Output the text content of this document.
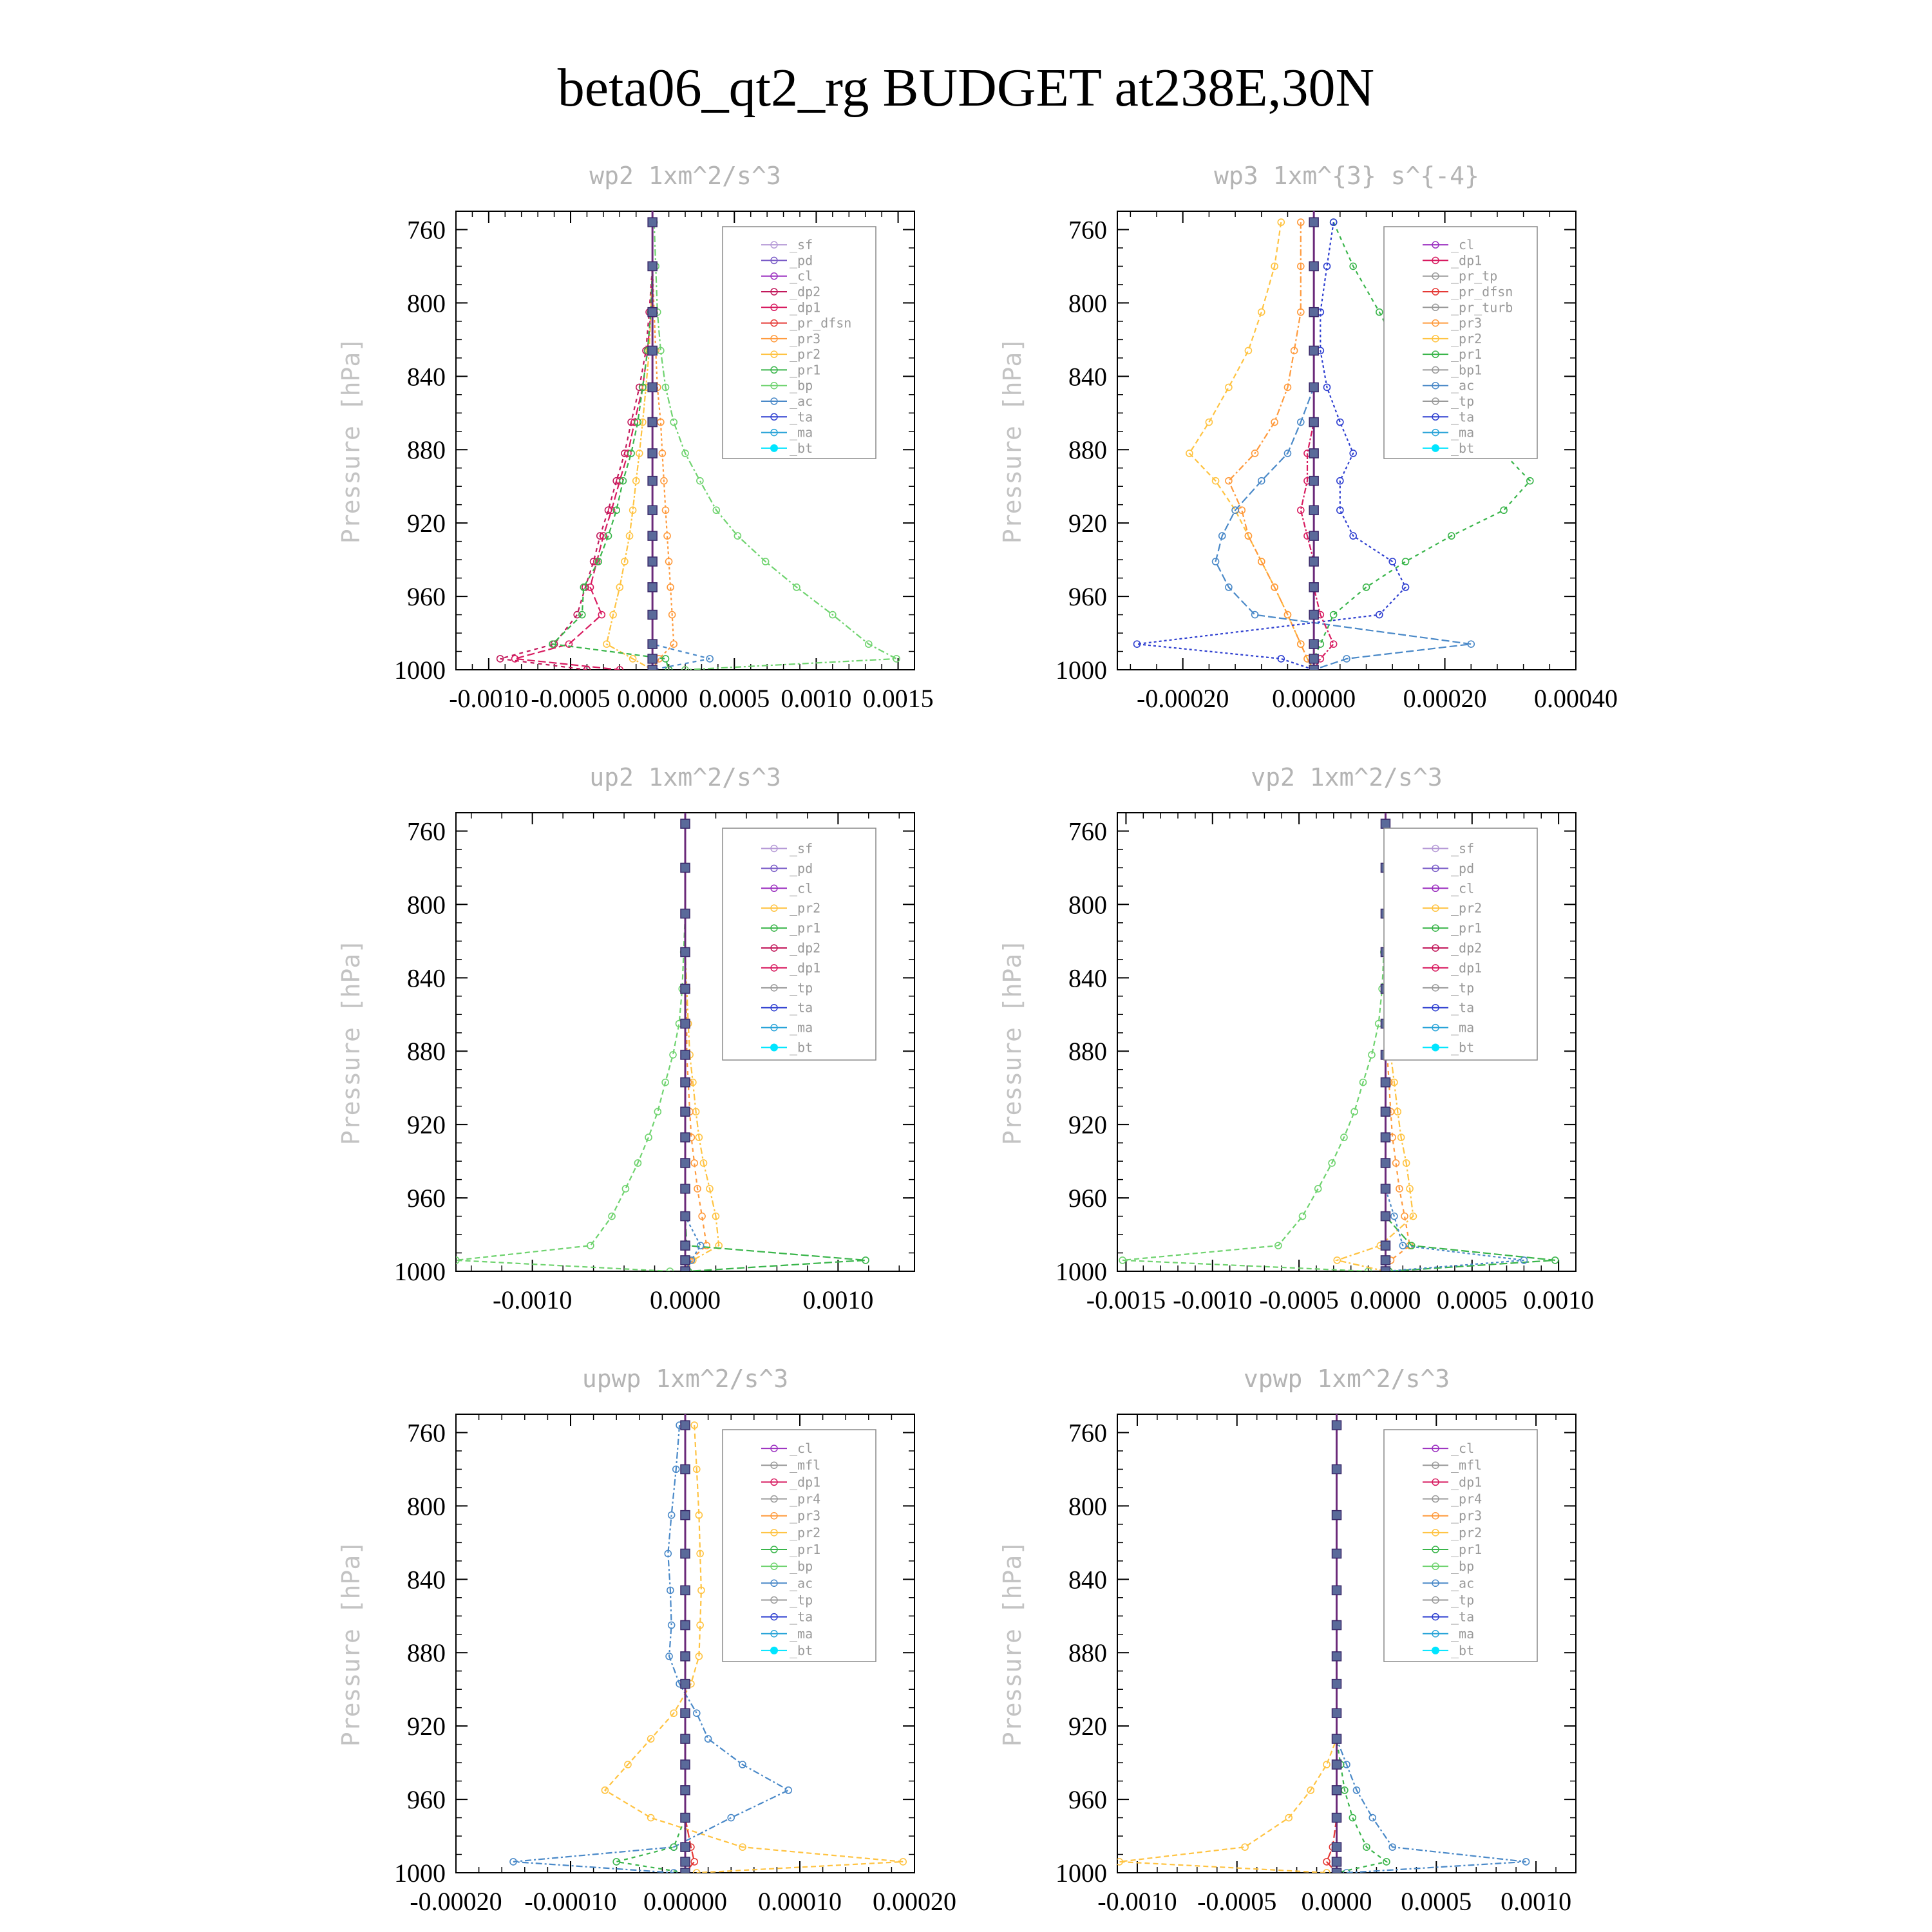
beta06_qt2_rg BUDGET at238E,30N
wp2 1xm^2/s^3
Pressure [hPa]
760
800
840
880
920
960
1000
-0.0010 -0.0005 0.0000 0.0005 0.0010 0.0015
_sf
_pd
_cl
_dp2
_dp1
_pr_dfsn
_pr3
_pr2
_pr1
_bp
_ac
_ta
_ma
_bt
wp3 1xm^{3} s^{-4}
Pressure [hPa]
760
800
840
880
920
960
1000
-0.00020 0.00000 0.00020 0.00040
_cl
_dp1
_pr_tp
_pr_dfsn
_pr_turb
_pr3
_pr2
_pr1
_bp1
_ac
_tp
_ta
_ma
_bt
up2 1xm^2/s^3
Pressure [hPa]
760
800
840
880
920
960
1000
-0.0010	0.0000	0.0010
_sf
_pd
_cl
_pr2
_pr1
_dp2
_dp1
_tp
_ta
_ma
_bt
vp2 1xm^2/s^3
Pressure [hPa]
760
800
840
880
920
960
1000
-0.0015 -0.0010 -0.0005 0.0000 0.0005 0.0010
_sf
_pd
_cl
_pr2
_pr1
_dp2
_dp1
_tp
_ta
_ma
_bt
upwp 1xm^2/s^3
Pressure [hPa]
760
800
840
880
920
960
1000
-0.00020 -0.00010 0.00000 0.00010 0.00020
_cl
_mfl
_dp1
_pr4
_pr3
_pr2
_pr1
_bp
_ac
_tp
_ta
_ma
_bt
vpwp 1xm^2/s^3
Pressure [hPa]
760
800
840
880
920
960
1000
-0.0010 -0.0005 0.0000 0.0005 0.0010
_cl
_mfl
_dp1
_pr4
_pr3
_pr2
_pr1
_bp
_ac
_tp
_ta
_ma
_bt
